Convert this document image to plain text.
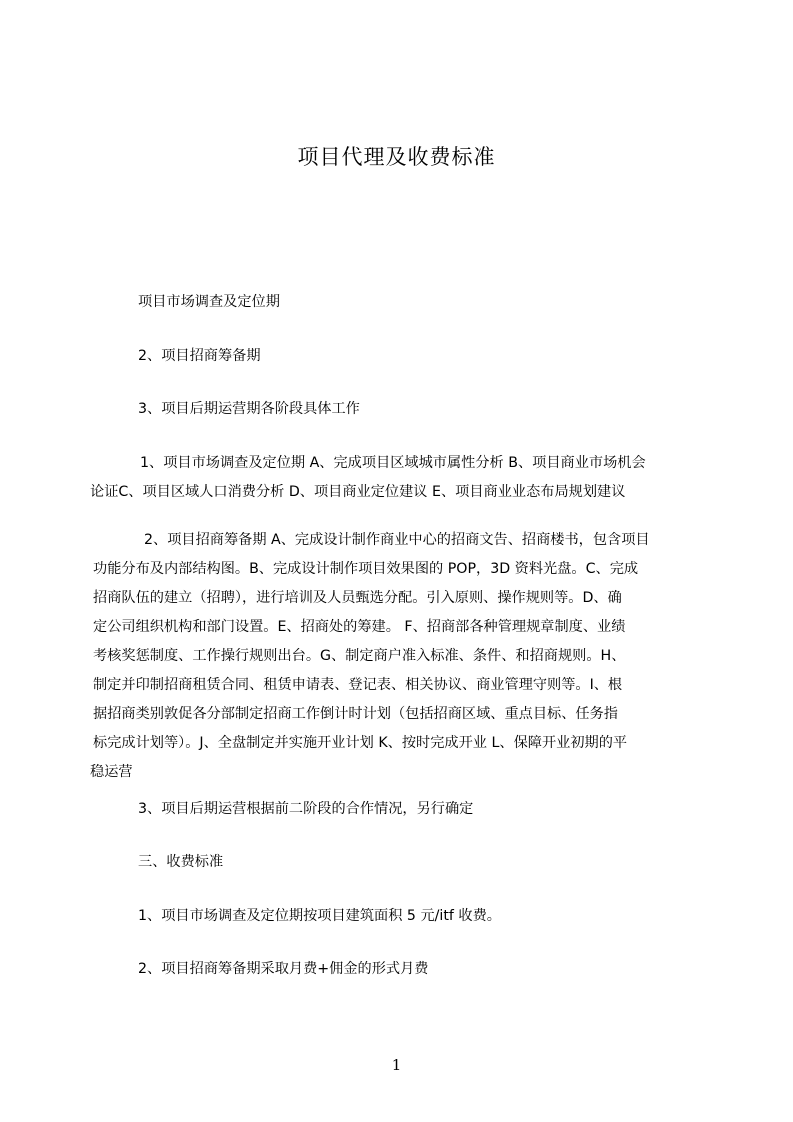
项目代理及收费标准
项目市场调查及定位期
2、项目招商筹备期
3、项目后期运营期各阶段具体工作
1、项目市场调查及定位期 A、完成项目区域城市属性分析 B、项目商业市场机会
论证C、项目区域人口消费分析 D、项目商业定位建议 E、项目商业业态布局规划建议
2、项目招商筹备期 A、完成设计制作商业中心的招商文告、招商楼书，包含项目
功能分布及内部结构图。B、完成设计制作项目效果图的 POP，3D 资料光盘。C、完成
招商队伍的建立（招聘），进行培训及人员甄选分配。引入原则、操作规则等。D、确
定公司组织机构和部门设置。E、招商处的筹建。 F、招商部各种管理规章制度、业绩
考核奖惩制度、工作操行规则出台。G、制定商户准入标准、条件、和招商规则。H、
制定并印制招商租赁合同、租赁申请表、登记表、相关协议、商业管理守则等。I、根
据招商类别敦促各分部制定招商工作倒计时计划（包括招商区域、重点目标、任务指
标完成计划等）。J、全盘制定并实施开业计划 K、按时完成开业 L、保障开业初期的平
稳运营
3、项目后期运营根据前二阶段的合作情况，另行确定
三、收费标准
1、项目市场调查及定位期按项目建筑面积 5 元/itf 收费。
2、项目招商筹备期采取月费+佣金的形式月费
1
